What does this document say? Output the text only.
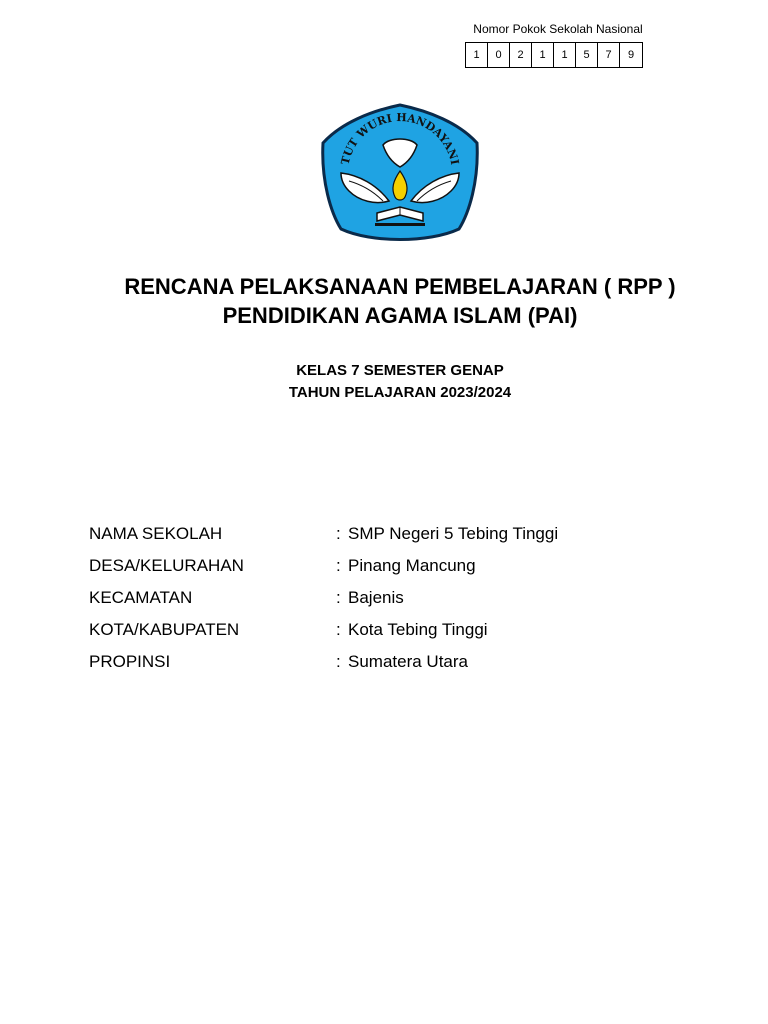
Nomor Pokok Sekolah Nasional
1	0	2	1	1	5	7	9
TUT WURI HANDAYANI
RENCANA PELAKSANAAN PEMBELAJARAN ( RPP )
PENDIDIKAN AGAMA ISLAM (PAI)
KELAS 7 SEMESTER GENAP
TAHUN PELAJARAN 2023/2024
NAMA SEKOLAH	: SMP Negeri 5 Tebing Tinggi
DESA/KELURAHAN	: Pinang Mancung
KECAMATAN	: Bajenis
KOTA/KABUPATEN	: Kota Tebing Tinggi
PROPINSI	: Sumatera Utara
